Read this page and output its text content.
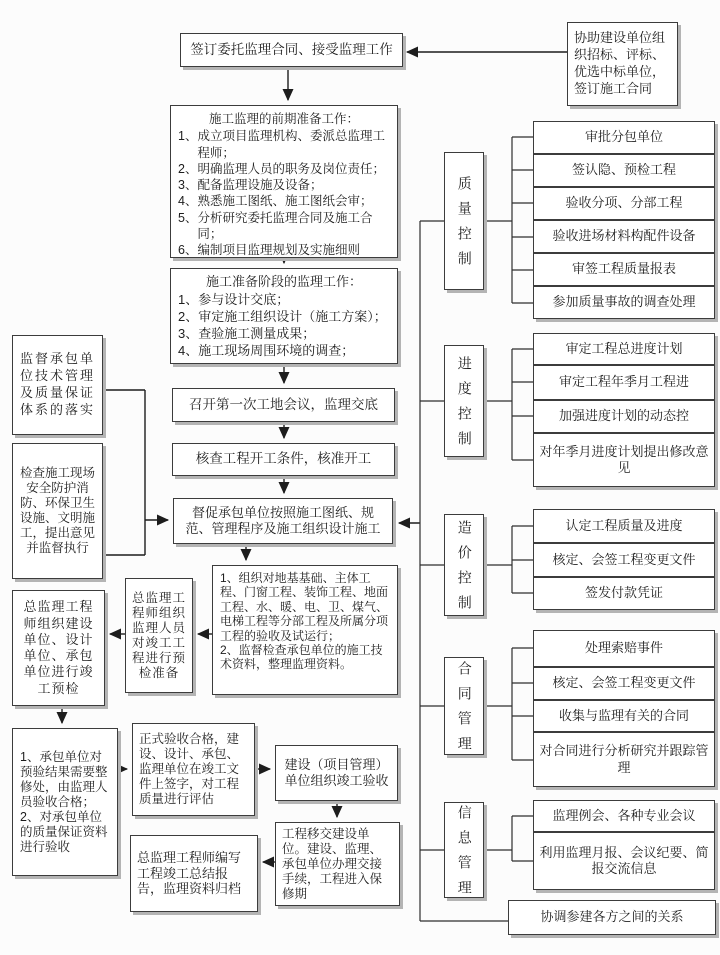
签订委托监理合同、接受监理工作
协助建设单位组织招标、评标、优选中标单位，签订施工合同
施工监理的前期准备工作：
1、成立项目监理机构、委派总监理工程师；
2、明确监理人员的职务及岗位责任；
3、配备监理设施及设备；
4、熟悉施工图纸、施工图纸会审；
5、分析研究委托监理合同及施工合同；
6、编制项目监理规划及实施细则
施工准备阶段的监理工作：
1、参与设计交底；
2、审定施工组织设计（施工方案）；
3、查验施工测量成果；
4、施工现场周围环境的调查；
召开第一次工地会议，监理交底
核查工程开工条件，核准开工
督促承包单位按照施工图纸、规范、管理程序及施工组织设计施工
1、组织对地基基础、主体工程、门窗工程、装饰工程、地面工程、水、暖、电、卫、煤气、电梯工程等分部工程及所属分项工程的验收及试运行；
2、监督检查承包单位的施工技术资料，整理监理资料。
总监理工程师组织监理人员对竣工工程进行预检准备
总监理工程师组织建设单位、设计单位、承包单位进行竣工预检
1、承包单位对预验结果需要整修处，由监理人员验收合格；
2、对承包单位的质量保证资料进行验收
正式验收合格，建设、设计、承包、监理单位在竣工文件上签字，对工程质量进行评估
建设（项目管理）单位组织竣工验收
工程移交建设单位。建设、监理、承包单位办理交接手续，工程进入保修期
总监理工程师编写工程竣工总结报告，监理资料归档
监督承包单位技术管理及质量保证体系的落实
检查施工现场安全防护消防、环保卫生设施、文明施工，提出意见并监督执行
质量控制
进度控制
造价控制
合同管理
信息管理
审批分包单位
签认隐、预检工程
验收分项、分部工程
验收进场材料构配件设备
审签工程质量报表
参加质量事故的调查处理
审定工程总进度计划
审定工程年季月工程进
加强进度计划的动态控
对年季月进度计划提出修改意见
认定工程质量及进度
核定、会签工程变更文件
签发付款凭证
处理索赔事件
核定、会签工程变更文件
收集与监理有关的合同
对合同进行分析研究并跟踪管理
监理例会、各种专业会议
利用监理月报、会议纪要、简报交流信息
协调参建各方之间的关系
